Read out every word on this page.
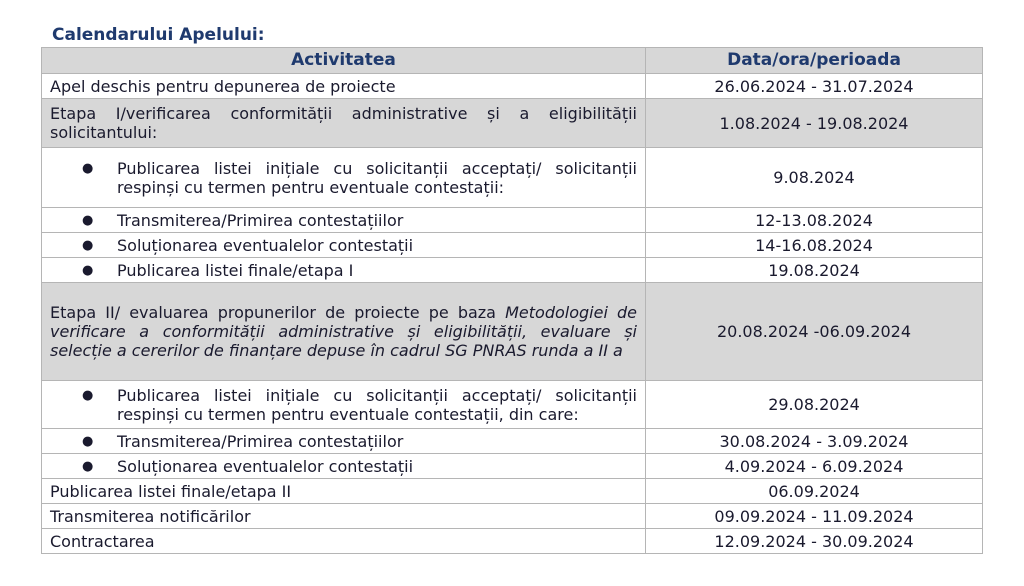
Calendarului Apelului:
Activitatea	Data/ora/perioada
Apel deschis pentru depunerea de proiecte	26.06.2024 - 31.07.2024
Etapa I/verificarea conformității administrative și a eligibilității solicitantului:	1.08.2024 - 19.08.2024

● Publicarea listei inițiale cu solicitanții acceptați/ solicitanții respinși cu termen pentru eventuale contestații:	9.08.2024

● Transmiterea/Primirea contestațiilor	12-13.08.2024

● Soluționarea eventualelor contestații	14-16.08.2024

● Publicarea listei finale/etapa I	19.08.2024
Etapa II/ evaluarea propunerilor de proiecte pe baza Metodologiei de verificare a conformității administrative și eligibilității, evaluare și selecție a cererilor de finanțare depuse în cadrul SG PNRAS runda a II a	20.08.2024 -06.09.2024

● Publicarea listei inițiale cu solicitanții acceptați/ solicitanții respinși cu termen pentru eventuale contestații, din care:	29.08.2024

● Transmiterea/Primirea contestațiilor	30.08.2024 - 3.09.2024

● Soluționarea eventualelor contestații	4.09.2024 - 6.09.2024
Publicarea listei finale/etapa II	06.09.2024
Transmiterea notificărilor	09.09.2024 - 11.09.2024
Contractarea	12.09.2024 - 30.09.2024
